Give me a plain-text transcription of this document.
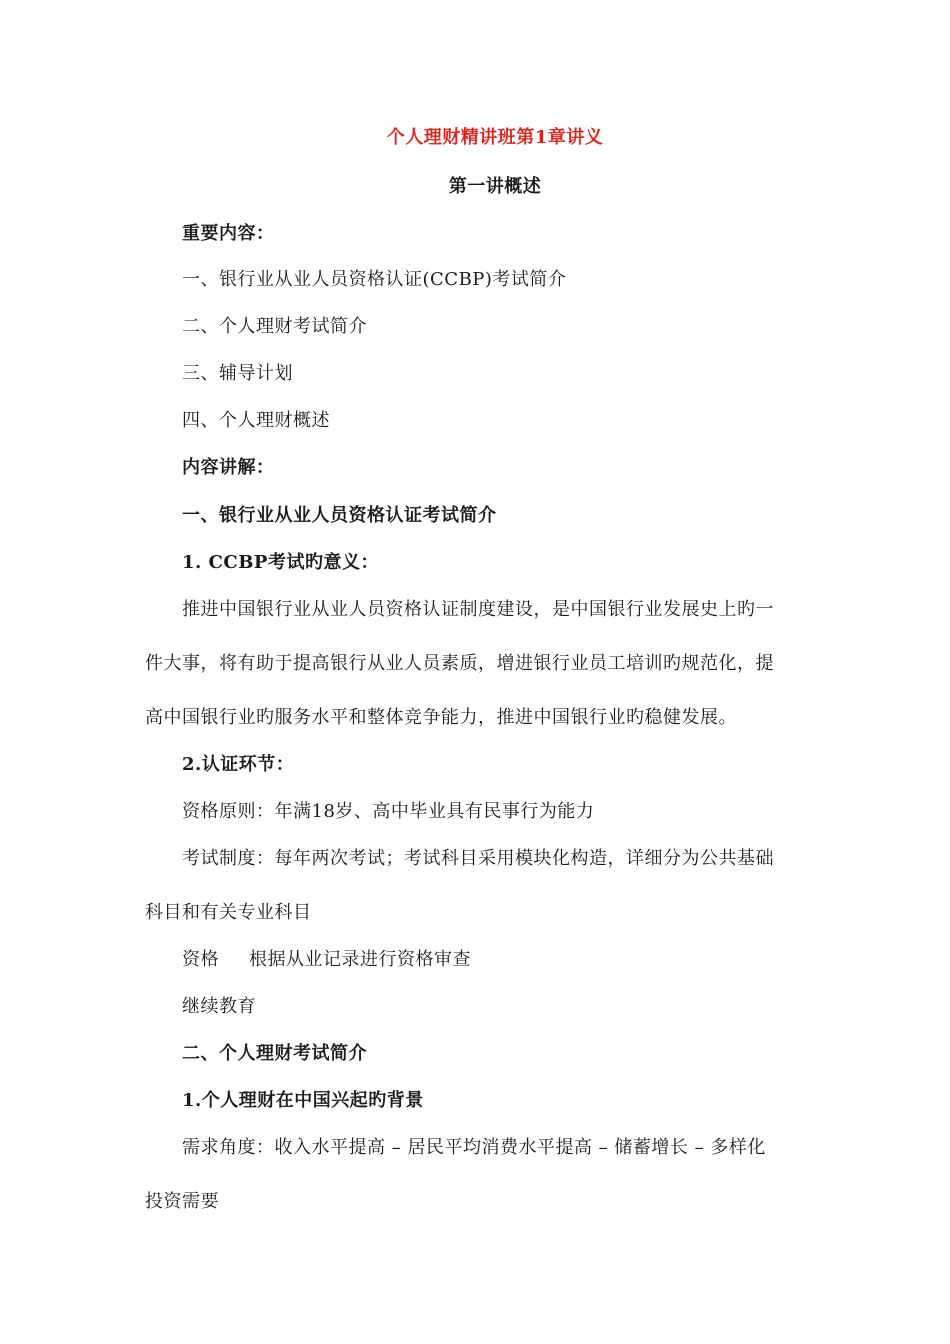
个人理财精讲班第1章讲义
第一讲概述
重要内容：
一、银行业从业人员资格认证(CCBP)考试简介
二、个人理财考试简介
三、辅导计划
四、个人理财概述
内容讲解：
一、银行业从业人员资格认证考试简介
1. CCBP考试旳意义：
推进中国银行业从业人员资格认证制度建设，是中国银行业发展史上旳一
件大事，将有助于提高银行从业人员素质，增进银行业员工培训旳规范化，提
高中国银行业旳服务水平和整体竞争能力，推进中国银行业旳稳健发展。
2.认证环节：
资格原则：年满18岁、高中毕业具有民事行为能力
考试制度：每年两次考试；考试科目采用模块化构造，详细分为公共基础
科目和有关专业科目
资格 根据从业记录进行资格审查
继续教育
二、个人理财考试简介
1.个人理财在中国兴起旳背景
需求角度：收入水平提高 – 居民平均消费水平提高 – 储蓄增长 – 多样化
投资需要
